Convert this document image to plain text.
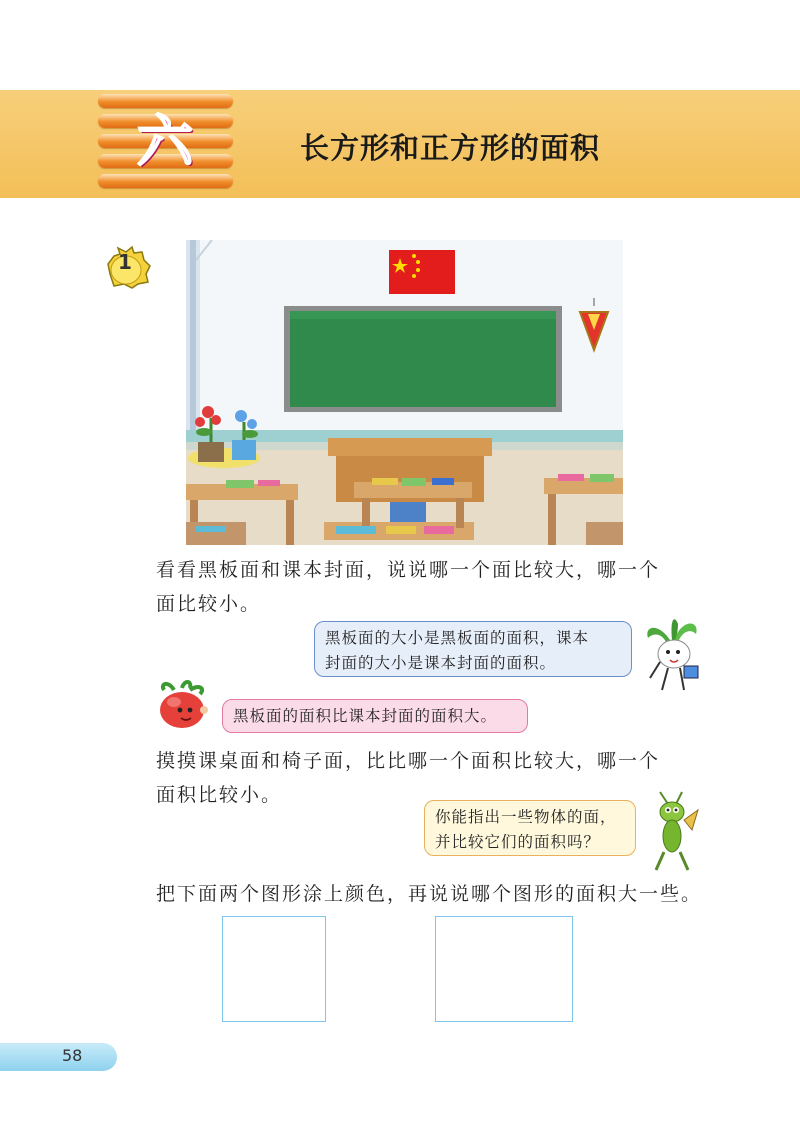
六	长方形和正方形的面积
1
看看黑板面和课本封面，说说哪一个面比较大，哪一个
面比较小。
黑板面的大小是黑板面的面积，课本
封面的大小是课本封面的面积。
黑板面的面积比课本封面的面积大。
摸摸课桌面和椅子面，比比哪一个面积比较大，哪一个
面积比较小。
你能指出一些物体的面，
并比较它们的面积吗？
把下面两个图形涂上颜色，再说说哪个图形的面积大一些。
58
